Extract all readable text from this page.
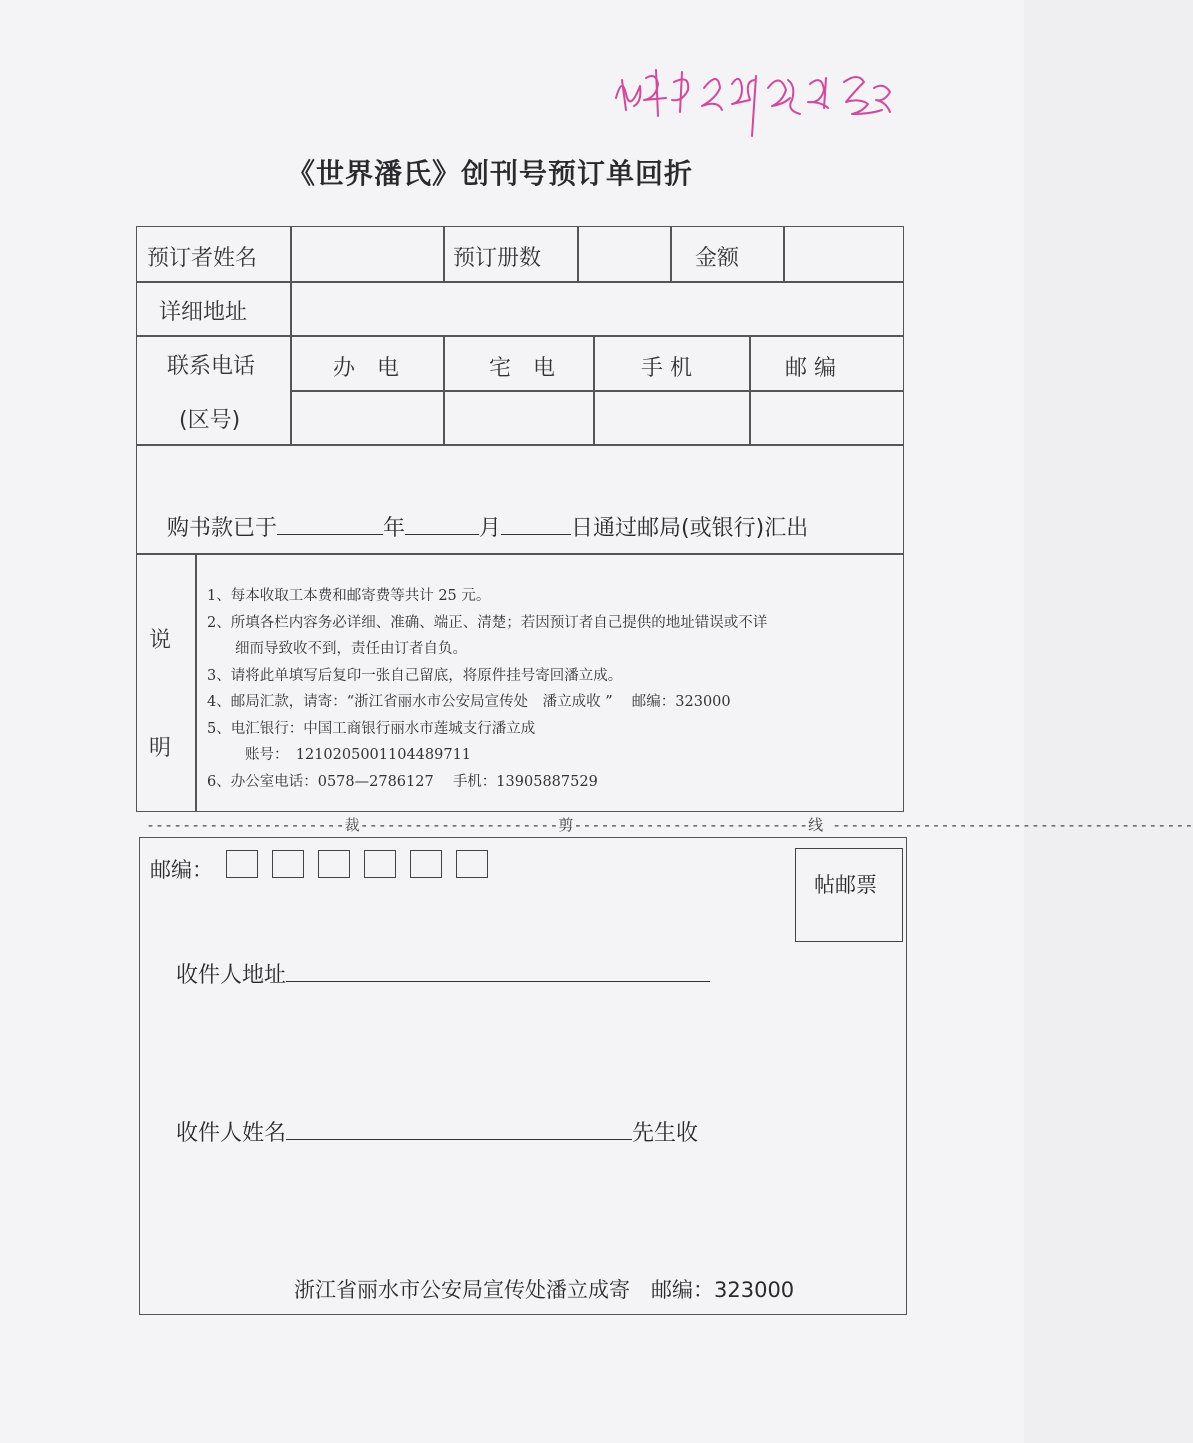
《世界潘氏》创刊号预订单回折
预订者姓名	预订册数	金额
详细地址
联系电话
(区号)
办　电	宅　电	手 机	邮 编
购书款已于	年	月	日通过邮局(或银行)汇出
说
明

1、每本收取工本费和邮寄费等共计 25 元。

2、所填各栏内容务必详细、准确、端正、清楚；若因预订者自己提供的地址错误或不详

细而导致收不到，责任由订者自负。

3、请将此单填写后复印一张自己留底，将原件挂号寄回潘立成。

4、邮局汇款，请寄：“浙江省丽水市公安局宣传处　潘立成收 ”　 邮编：323000

5、电汇银行：中国工商银行丽水市莲城支行潘立成

账号：　1210205001104489711

6、办公室电话：0578—2786127　 手机：13905887529

----------------------裁----------------------剪--------------------------线 ----------------------------------------
邮编：
帖邮票
收件人地址
收件人姓名	先生收
浙江省丽水市公安局宣传处潘立成寄　邮编：323000
